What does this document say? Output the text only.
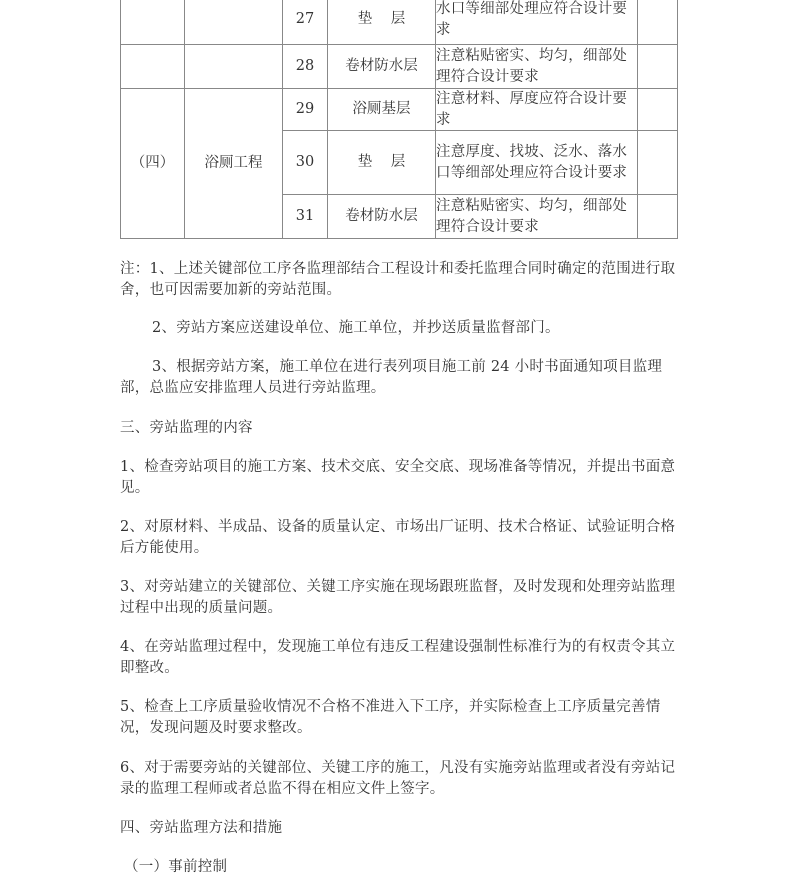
		27	垫    层	水口等细部处理应符合设计要求	
		28	卷材防水层	注意粘贴密实、均匀，细部处理符合设计要求	
（四）	浴厕工程	29	浴厕基层	注意材料、厚度应符合设计要求	
		30	垫    层	注意厚度、找坡、泛水、落水口等细部处理应符合设计要求	
		31	卷材防水层	注意粘贴密实、均匀，细部处理符合设计要求	

注：1、上述关键部位工序各监理部结合工程设计和委托监理合同时确定的范围进行取舍，也可因需要加新的旁站范围。

2、旁站方案应送建设单位、施工单位，并抄送质量监督部门。

3、根据旁站方案，施工单位在进行表列项目施工前 24 小时书面通知项目监理部，总监应安排监理人员进行旁站监理。

三、旁站监理的内容

1、检查旁站项目的施工方案、技术交底、安全交底、现场准备等情况，并提出书面意见。

2、对原材料、半成品、设备的质量认定、市场出厂证明、技术合格证、试验证明合格后方能使用。

3、对旁站建立的关键部位、关键工序实施在现场跟班监督，及时发现和处理旁站监理过程中出现的质量问题。

4、在旁站监理过程中，发现施工单位有违反工程建设强制性标准行为的有权责令其立即整改。

5、检查上工序质量验收情况不合格不准进入下工序，并实际检查上工序质量完善情况，发现问题及时要求整改。

6、对于需要旁站的关键部位、关键工序的施工，凡没有实施旁站监理或者没有旁站记录的监理工程师或者总监不得在相应文件上签字。

四、旁站监理方法和措施

（一）事前控制
